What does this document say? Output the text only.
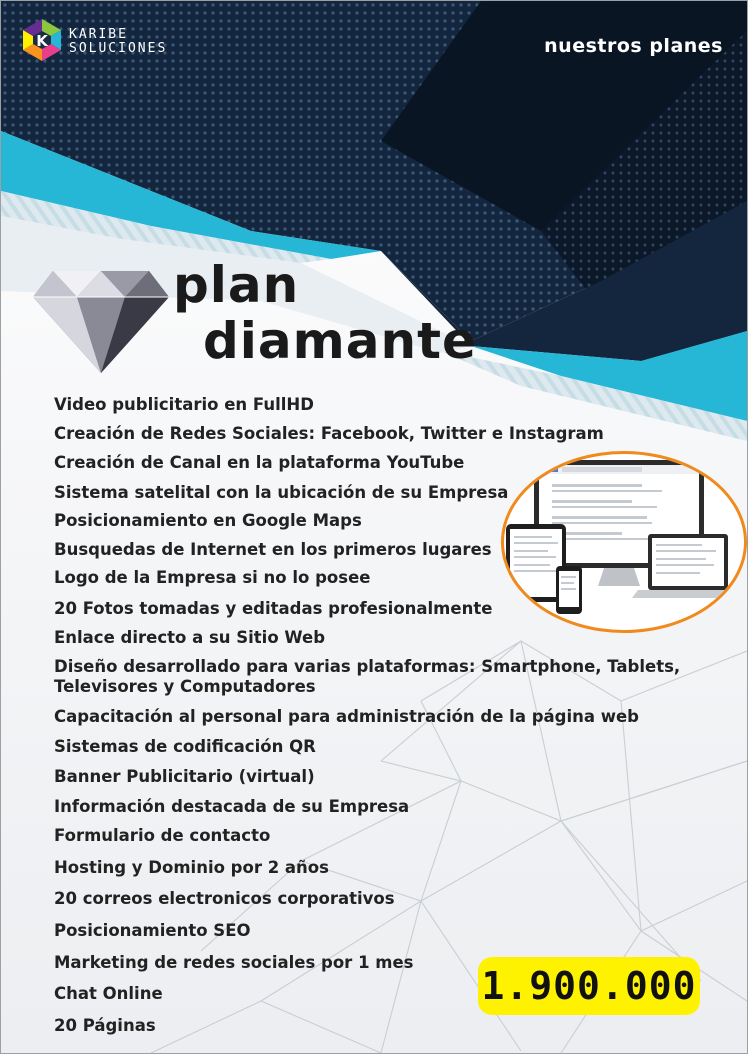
K KARIBE
SOLUCIONES	nuestros planes
plan
diamante
Video publicitario en FullHD
Creación de Redes Sociales: Facebook, Twitter e Instagram
Creación de Canal en la plataforma YouTube
Sistema satelital con la ubicación de su Empresa
Posicionamiento en Google Maps
Busquedas de Internet en los primeros lugares
Logo de la Empresa si no lo posee
20 Fotos tomadas y editadas profesionalmente
Enlace directo a su Sitio Web
Diseño desarrollado para varias plataformas: Smartphone, Tablets,
Televisores y Computadores
Capacitación al personal para administración de la página web
Sistemas de codificación QR
Banner Publicitario (virtual)
Información destacada de su Empresa
Formulario de contacto
Hosting y Dominio por 2 años
20 correos electronicos corporativos
Posicionamiento SEO
Marketing de redes sociales por 1 mes
Chat Online
20 Páginas
1.900.000
